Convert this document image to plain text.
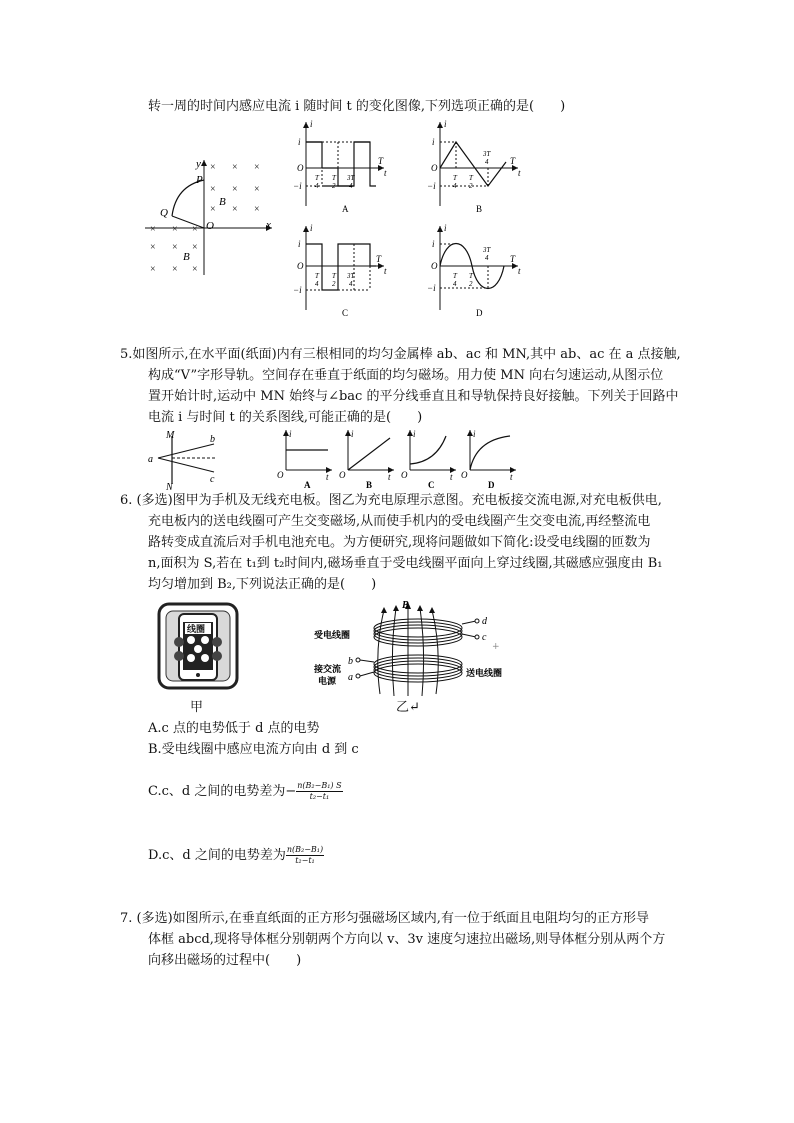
转一周的时间内感应电流 i 随时间 t 的变化图像,下列选项正确的是(　　)
x
y
O
P
Q
B
B
× × ×
× × ×
× × ×
× × ×
× × ×
× × ×
i
O
i
−i
T
t
T
4
T
2
3T
4
A
i
O
i
−i
T
t
3T
4
T
4
T
2
B
i
O
i
−i
T
t
T
4
T
2
3T
4
C
i
O
i
−i
T
t
3T
4
T
4
T
2
D
5.如图所示,在水平面(纸面)内有三根相同的均匀金属棒 ab、ac 和 MN,其中 ab、ac 在 a 点接触,
构成“V”字形导轨。空间存在垂直于纸面的均匀磁场。用力使 MN 向右匀速运动,从图示位
置开始计时,运动中 MN 始终与∠bac 的平分线垂直且和导轨保持良好接触。下列关于回路中
电流 i 与时间 t 的关系图线,可能正确的是(　　)
M
N
a
b
c
i
O	t
A
i
O	t
B
i
O	t
C
i
O	t
D
6. (多选)图甲为手机及无线充电板。图乙为充电原理示意图。充电板接交流电源,对充电板供电,
充电板内的送电线圈可产生交变磁场,从而使手机内的受电线圈产生交变电流,再经整流电
路转变成直流后对手机电池充电。为方便研究,现将问题做如下简化:设受电线圈的匝数为
n,面积为 S,若在 t₁到 t₂时间内,磁场垂直于受电线圈平面向上穿过线圈,其磁感应强度由 B₁
均匀增加到 B₂,下列说法正确的是(　　)
线圈
甲
B
d
c
b
a
受电线圈
送电线圈
接交流
电源
乙↵
+
A.c 点的电势低于 d 点的电势
B.受电线圈中感应电流方向由 d 到 c
C.c、d 之间的电势差为− $\frac{\text{n(B₂−B₁) S}}{\text{t₂−t₁}}$
D.c、d 之间的电势差为 $\frac{\text{n(B₂−B₁)}}{\text{t₂−t₁}}$
7. (多选)如图所示,在垂直纸面的正方形匀强磁场区域内,有一位于纸面且电阻均匀的正方形导
体框 abcd,现将导体框分别朝两个方向以 v、3v 速度匀速拉出磁场,则导体框分别从两个方
向移出磁场的过程中(　　)
